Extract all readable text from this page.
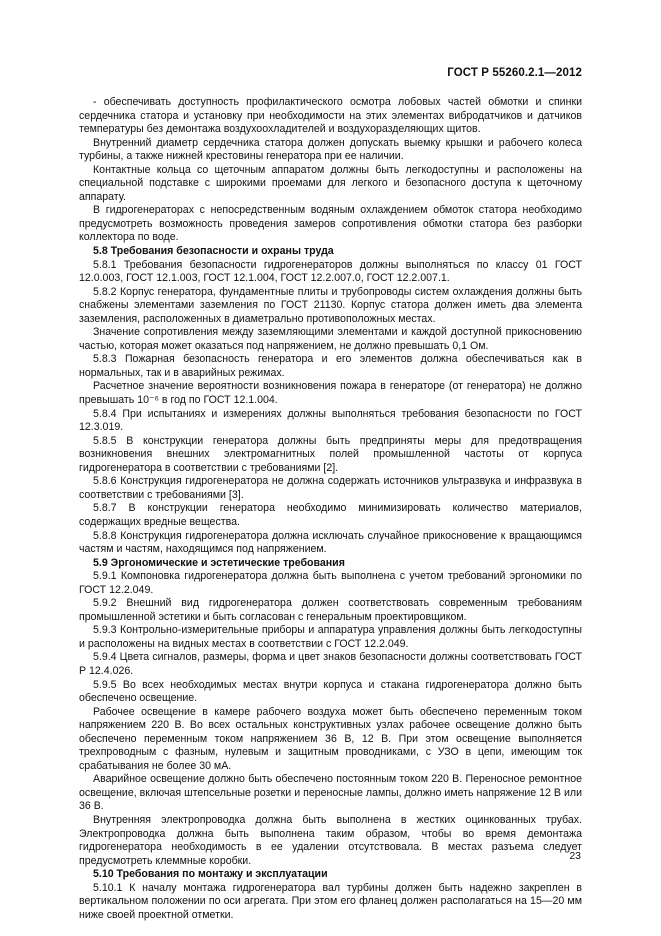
ГОСТ Р 55260.2.1—2012

- обеспечивать доступность профилактического осмотра лобовых частей обмотки и спинки сердечника статора и установку при необходимости на этих элементах вибродатчиков и датчиков температуры без демонтажа воздухоохладителей и воздухоразделяющих щитов.

Внутренний диаметр сердечника статора должен допускать выемку крышки и рабочего колеса турбины, а также нижней крестовины генератора при ее наличии.

Контактные кольца со щеточным аппаратом должны быть легкодоступны и расположены на специальной подставке с широкими проемами для легкого и безопасного доступа к щеточному аппарату.

В гидрогенераторах с непосредственным водяным охлаждением обмоток статора необходимо предусмотреть возможность проведения замеров сопротивления обмотки статора без разборки коллектора по воде.

5.8 Требования безопасности и охраны труда

5.8.1 Требования безопасности гидрогенераторов должны выполняться по классу 01 ГОСТ 12.0.003, ГОСТ 12.1.003, ГОСТ 12.1.004, ГОСТ 12.2.007.0, ГОСТ 12.2.007.1.

5.8.2 Корпус генератора, фундаментные плиты и трубопроводы систем охлаждения должны быть снабжены элементами заземления по ГОСТ 21130. Корпус статора должен иметь два элемента заземления, расположенных в диаметрально противоположных местах.

Значение сопротивления между заземляющими элементами и каждой доступной прикосновению частью, которая может оказаться под напряжением, не должно превышать 0,1 Ом.

5.8.3 Пожарная безопасность генератора и его элементов должна обеспечиваться как в нормальных, так и в аварийных режимах.

Расчетное значение вероятности возникновения пожара в генераторе (от генератора) не должно превышать 10⁻⁶ в год по ГОСТ 12.1.004.

5.8.4 При испытаниях и измерениях должны выполняться требования безопасности по ГОСТ 12.3.019.

5.8.5 В конструкции генератора должны быть предприняты меры для предотвращения возникновения внешних электромагнитных полей промышленной частоты от корпуса гидрогенератора в соответствии с требованиями [2].

5.8.6 Конструкция гидрогенератора не должна содержать источников ультразвука и инфразвука в соответствии с требованиями [3].

5.8.7 В конструкции генератора необходимо минимизировать количество материалов, содержащих вредные вещества.

5.8.8 Конструкция гидрогенератора должна исключать случайное прикосновение к вращающимся частям и частям, находящимся под напряжением.

5.9 Эргономические и эстетические требования

5.9.1 Компоновка гидрогенератора должна быть выполнена с учетом требований эргономики по ГОСТ 12.2.049.

5.9.2 Внешний вид гидрогенератора должен соответствовать современным требованиям промышленной эстетики и быть согласован с генеральным проектировщиком.

5.9.3 Контрольно-измерительные приборы и аппаратура управления должны быть легкодоступны и расположены на видных местах в соответствии с ГОСТ 12.2.049.

5.9.4 Цвета сигналов, размеры, форма и цвет знаков безопасности должны соответствовать ГОСТ Р 12.4.026.

5.9.5 Во всех необходимых местах внутри корпуса и стакана гидрогенератора должно быть обеспечено освещение.

Рабочее освещение в камере рабочего воздуха может быть обеспечено переменным током напряжением 220 В. Во всех остальных конструктивных узлах рабочее освещение должно быть обеспечено переменным током напряжением 36 В, 12 В. При этом освещение выполняется трехпроводным с фазным, нулевым и защитным проводниками, с УЗО в цепи, имеющим ток срабатывания не более 30 мА.

Аварийное освещение должно быть обеспечено постоянным током 220 В. Переносное ремонтное освещение, включая штепсельные розетки и переносные лампы, должно иметь напряжение 12 В или 36 В.

Внутренняя электропроводка должна быть выполнена в жестких оцинкованных трубах. Электропроводка должна быть выполнена таким образом, чтобы во время демонтажа гидрогенератора необходимость в ее удалении отсутствовала. В местах разъема следует предусмотреть клеммные коробки.

5.10 Требования по монтажу и эксплуатации

5.10.1 К началу монтажа гидрогенератора вал турбины должен быть надежно закреплен в вертикальном положении по оси агрегата. При этом его фланец должен располагаться на 15—20 мм ниже своей проектной отметки.

23
